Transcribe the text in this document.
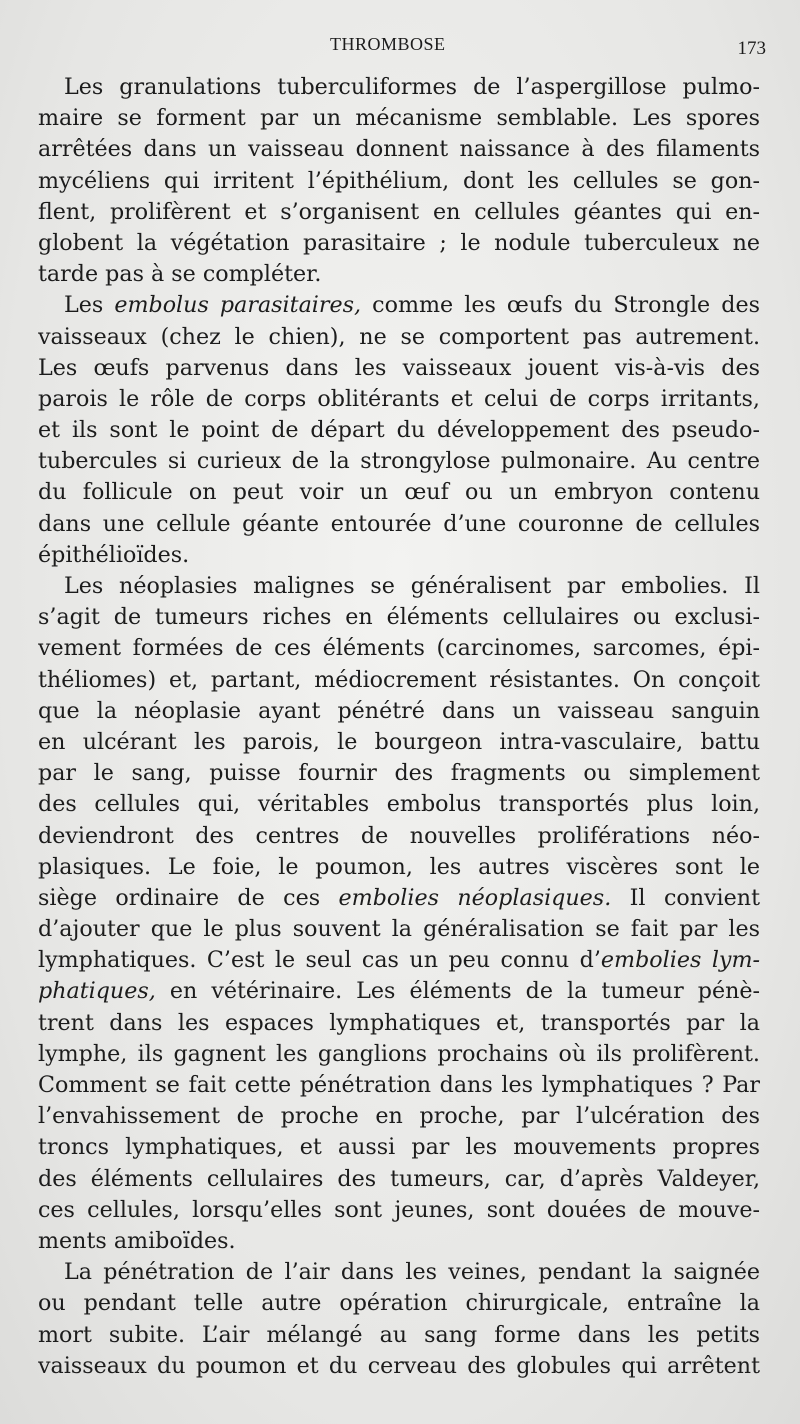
THROMBOSE	173
Les granulations tuberculiformes de l’aspergillose pulmo-
maire se forment par un mécanisme semblable. Les spores
arrêtées dans un vaisseau donnent naissance à des filaments
mycéliens qui irritent l’épithélium, dont les cellules se gon-
flent, prolifèrent et s’organisent en cellules géantes qui en-
globent la végétation parasitaire ; le nodule tuberculeux ne
tarde pas à se compléter.
Les embolus parasitaires, comme les œufs du Strongle des
vaisseaux (chez le chien), ne se comportent pas autrement.
Les œufs parvenus dans les vaisseaux jouent vis-à-vis des
parois le rôle de corps oblitérants et celui de corps irritants,
et ils sont le point de départ du développement des pseudo-
tubercules si curieux de la strongylose pulmonaire. Au centre
du follicule on peut voir un œuf ou un embryon contenu
dans une cellule géante entourée d’une couronne de cellules
épithélioïdes.
Les néoplasies malignes se généralisent par embolies. Il
s’agit de tumeurs riches en éléments cellulaires ou exclusi-
vement formées de ces éléments (carcinomes, sarcomes, épi-
théliomes) et, partant, médiocrement résistantes. On conçoit
que la néoplasie ayant pénétré dans un vaisseau sanguin
en ulcérant les parois, le bourgeon intra-vasculaire, battu
par le sang, puisse fournir des fragments ou simplement
des cellules qui, véritables embolus transportés plus loin,
deviendront des centres de nouvelles proliférations néo-
plasiques. Le foie, le poumon, les autres viscères sont le
siège ordinaire de ces embolies néoplasiques. Il convient
d’ajouter que le plus souvent la généralisation se fait par les
lymphatiques. C’est le seul cas un peu connu d’embolies lym-
phatiques, en vétérinaire. Les éléments de la tumeur pénè-
trent dans les espaces lymphatiques et, transportés par la
lymphe, ils gagnent les ganglions prochains où ils prolifèrent.
Comment se fait cette pénétration dans les lymphatiques ? Par
l’envahissement de proche en proche, par l’ulcération des
troncs lymphatiques, et aussi par les mouvements propres
des éléments cellulaires des tumeurs, car, d’après Valdeyer,
ces cellules, lorsqu’elles sont jeunes, sont douées de mouve-
ments amiboïdes.
La pénétration de l’air dans les veines, pendant la saignée
ou pendant telle autre opération chirurgicale, entraîne la
mort subite. L’air mélangé au sang forme dans les petits
vaisseaux du poumon et du cerveau des globules qui arrêtent
